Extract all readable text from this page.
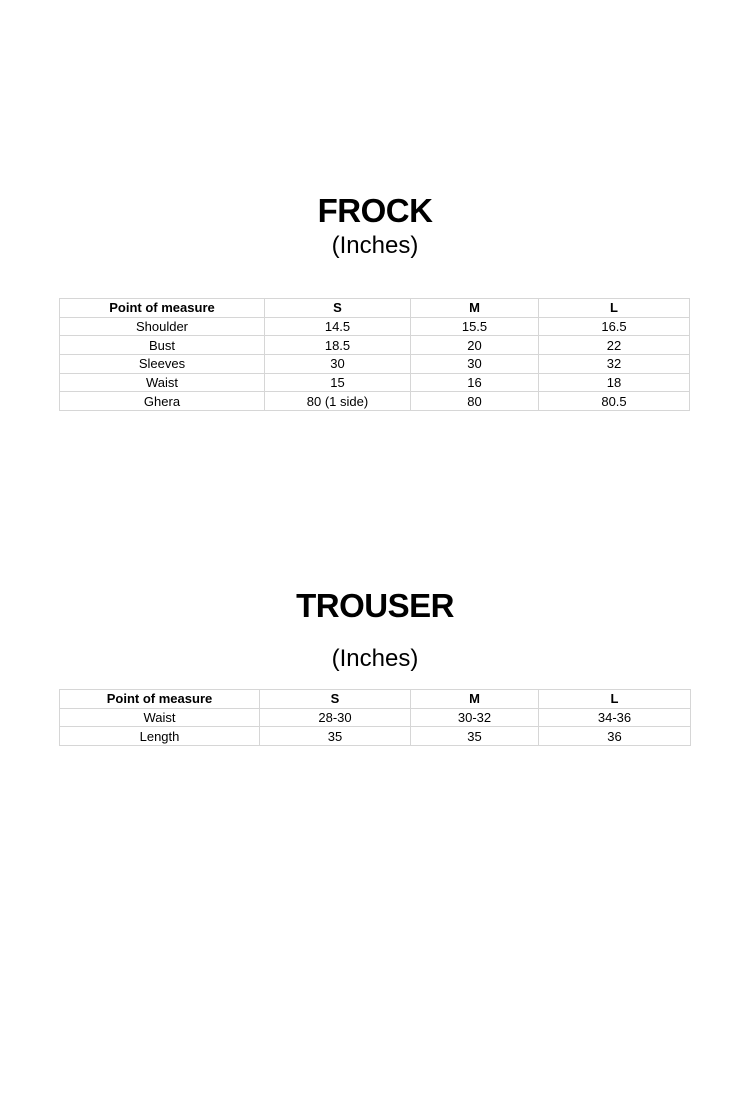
FROCK

(Inches)

Point of measure	S	M	L
Shoulder	14.5	15.5	16.5
Bust	18.5	20	22
Sleeves	30	30	32
Waist	15	16	18
Ghera	80 (1 side)	80	80.5
TROUSER

(Inches)

Point of measure	S	M	L
Waist	28-30	30-32	34-36
Length	35	35	36
